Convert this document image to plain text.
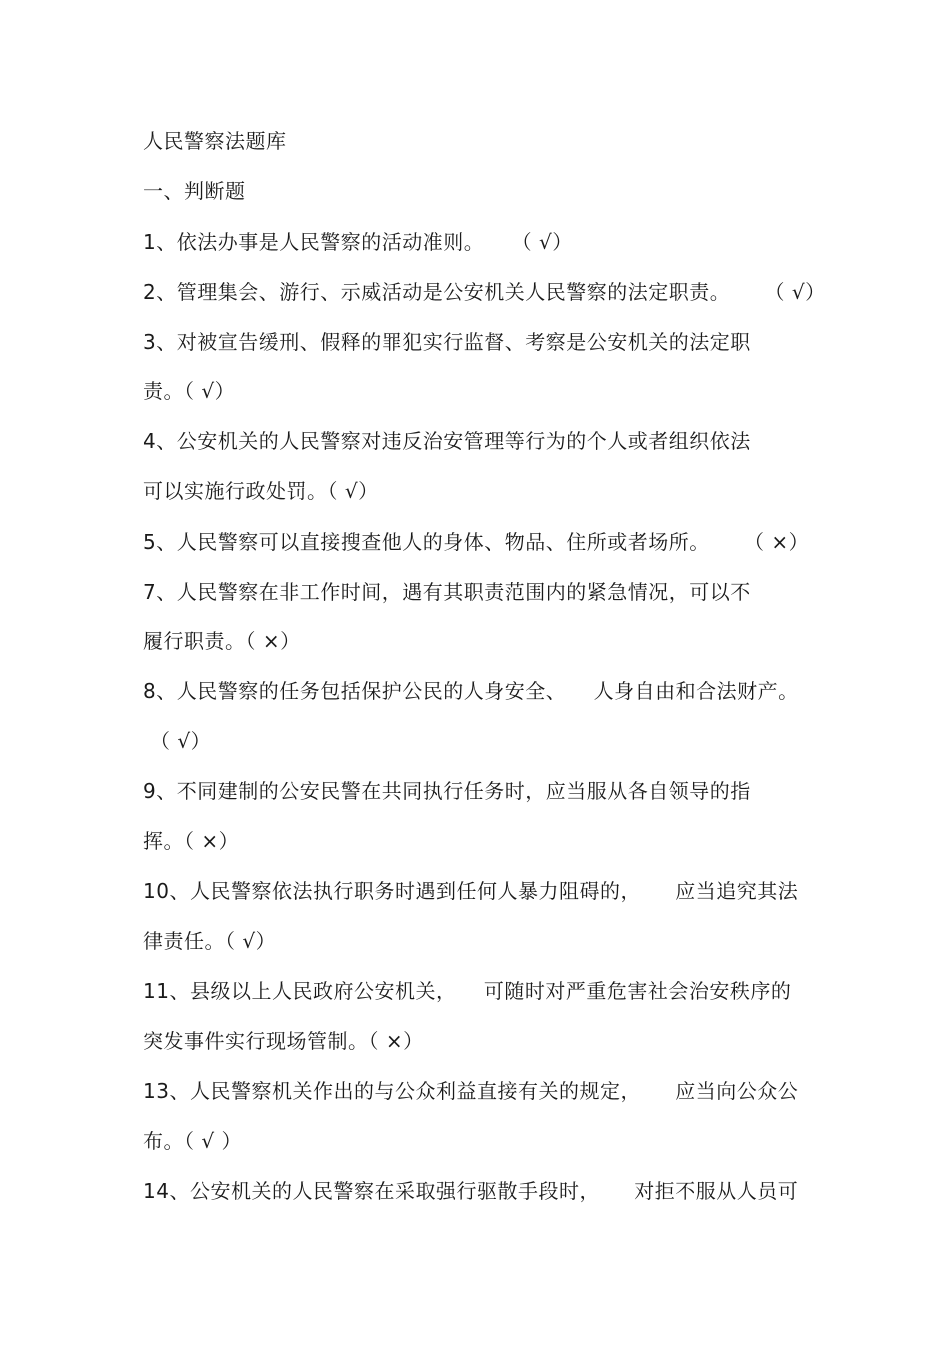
人民警察法题库
一、判断题
1、依法办事是人民警察的活动准则。    （ √）
2、管理集会、游行、示威活动是公安机关人民警察的法定职责。     （ √）
3、对被宣告缓刑、假释的罪犯实行监督、考察是公安机关的法定职
责。（ √）
4、公安机关的人民警察对违反治安管理等行为的个人或者组织依法
可以实施行政处罚。（ √）
5、人民警察可以直接搜查他人的身体、物品、住所或者场所。     （ ×）
7、人民警察在非工作时间，遇有其职责范围内的紧急情况，可以不
履行职责。（ ×）
8、人民警察的任务包括保护公民的人身安全、    人身自由和合法财产。
（ √）
9、不同建制的公安民警在共同执行任务时，应当服从各自领导的指
挥。（ ×）
10、人民警察依法执行职务时遇到任何人暴力阻碍的，     应当追究其法
律责任。（ √）
11、县级以上人民政府公安机关，    可随时对严重危害社会治安秩序的
突发事件实行现场管制。（ ×）
13、人民警察机关作出的与公众利益直接有关的规定，     应当向公众公
布。（ √ ）
14、公安机关的人民警察在采取强行驱散手段时，     对拒不服从人员可
